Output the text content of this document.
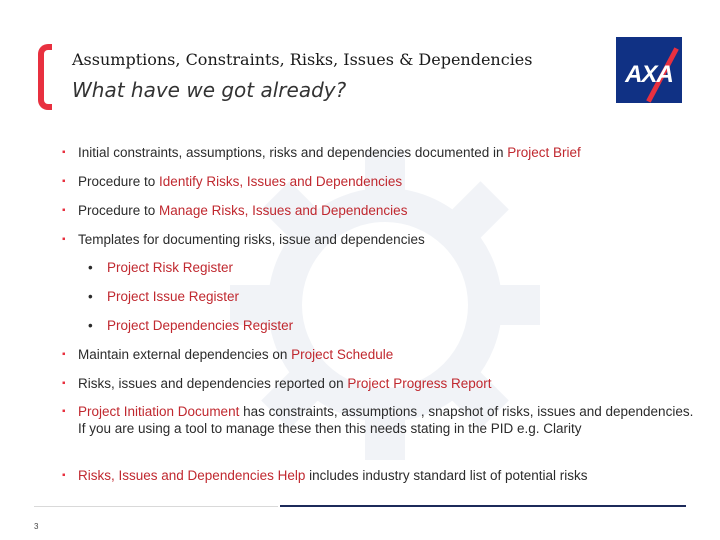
Assumptions, Constraints, Risks, Issues & Dependencies
What have we got already?
AXA
▪ Initial constraints, assumptions, risks and dependencies documented in Project Brief
▪ Procedure to Identify Risks, Issues and Dependencies
▪ Procedure to Manage Risks, Issues and Dependencies
▪ Templates for documenting risks, issue and dependencies
• Project Risk Register
• Project Issue Register
• Project Dependencies Register
▪ Maintain external dependencies on Project Schedule
▪ Risks, issues and dependencies reported on Project Progress Report
▪ Project Initiation Document has constraints, assumptions , snapshot of risks, issues and dependencies. If you are using a tool to manage these then this needs stating in the PID e.g. Clarity
▪ Risks, Issues and Dependencies Help includes industry standard list of potential risks
3
